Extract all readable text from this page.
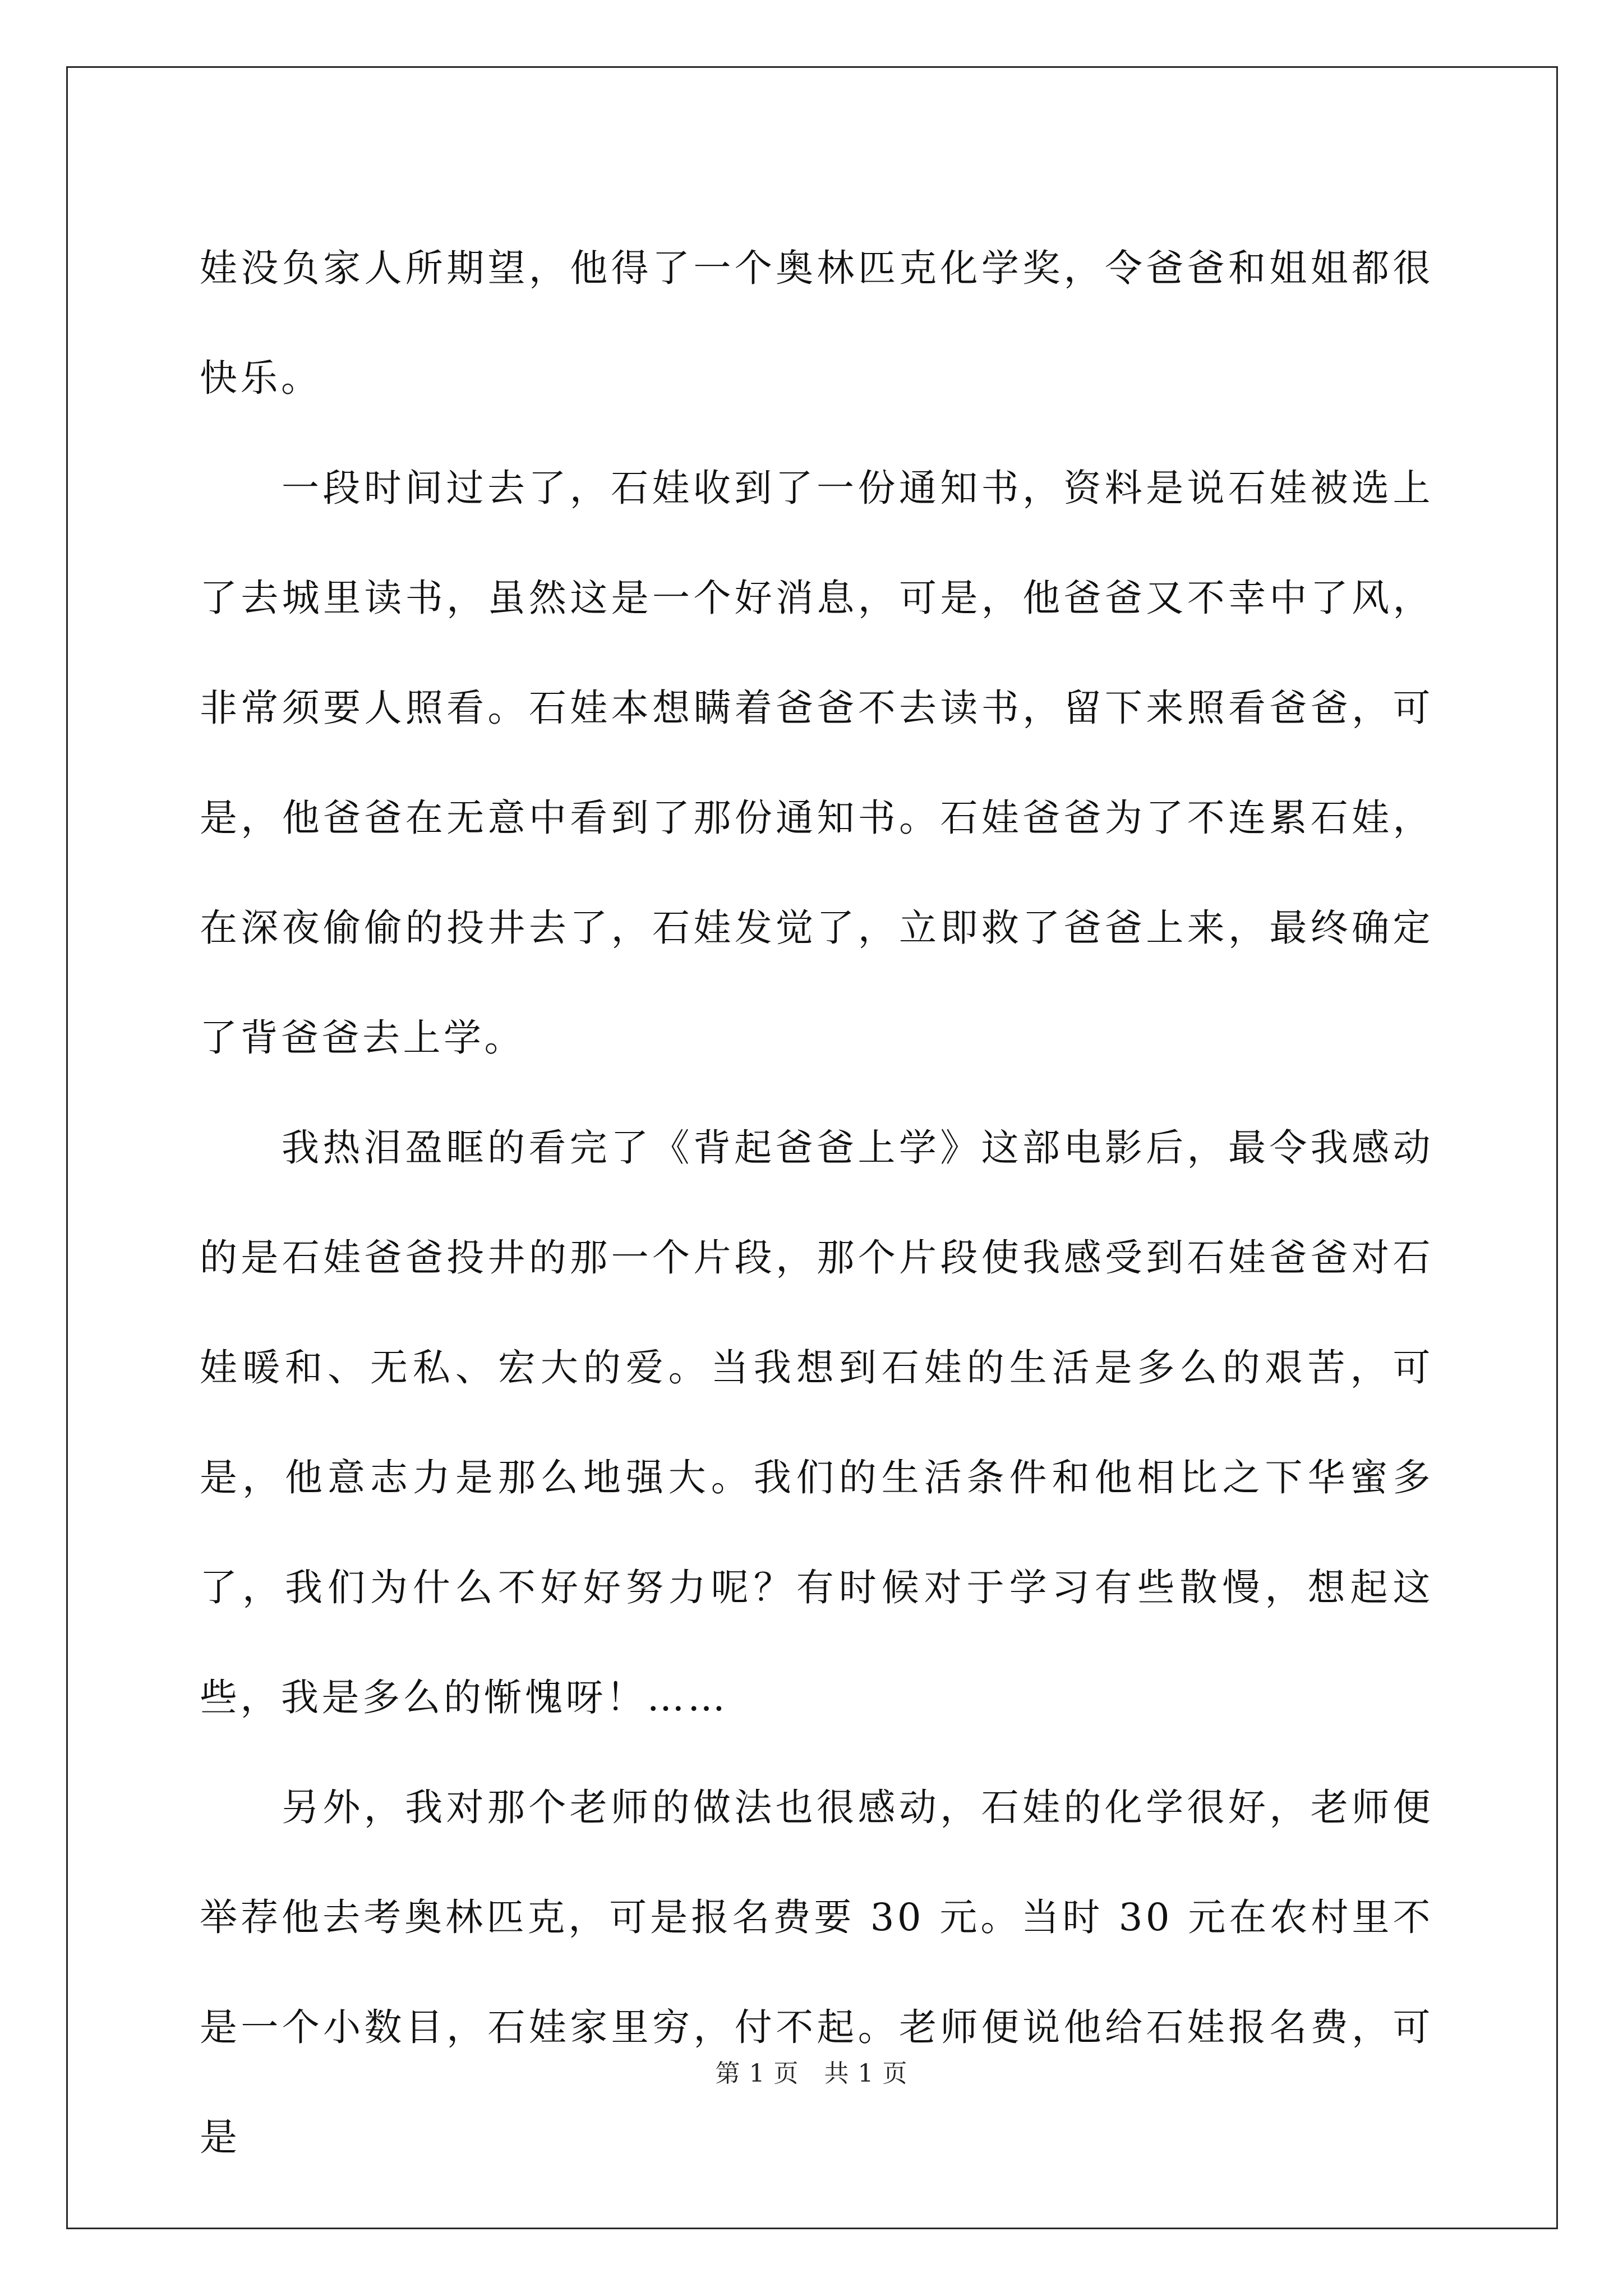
娃没负家人所期望，他得了一个奥林匹克化学奖，令爸爸和姐姐都很快乐。

一段时间过去了，石娃收到了一份通知书，资料是说石娃被选上了去城里读书，虽然这是一个好消息，可是，他爸爸又不幸中了风，非常须要人照看。石娃本想瞒着爸爸不去读书，留下来照看爸爸，可是，他爸爸在无意中看到了那份通知书。石娃爸爸为了不连累石娃，在深夜偷偷的投井去了，石娃发觉了，立即救了爸爸上来，最终确定了背爸爸去上学。

我热泪盈眶的看完了《背起爸爸上学》这部电影后，最令我感动的是石娃爸爸投井的那一个片段，那个片段使我感受到石娃爸爸对石娃暖和、无私、宏大的爱。当我想到石娃的生活是多么的艰苦，可是，他意志力是那么地强大。我们的生活条件和他相比之下华蜜多了，我们为什么不好好努力呢？有时候对于学习有些散慢，想起这些，我是多么的惭愧呀！……

另外，我对那个老师的做法也很感动，石娃的化学很好，老师便举荐他去考奥林匹克，可是报名费要 30 元。当时 30 元在农村里不是一个小数目，石娃家里穷，付不起。老师便说他给石娃报名费，可是

第 1 页　共 1 页
